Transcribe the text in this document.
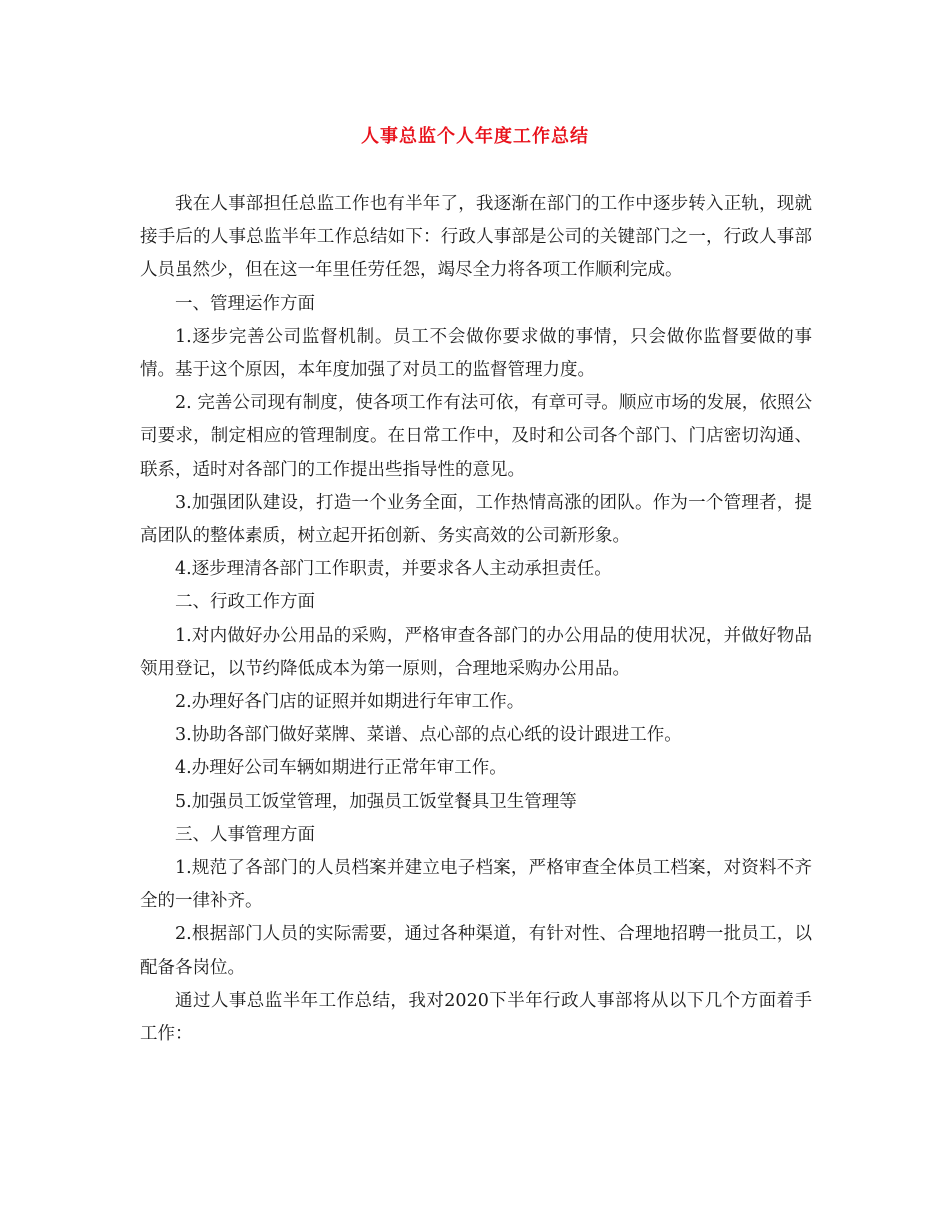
人事总监个人年度工作总结

我在人事部担任总监工作也有半年了，我逐渐在部门的工作中逐步转入正轨，现就接手后的人事总监半年工作总结如下：行政人事部是公司的关键部门之一，行政人事部人员虽然少，但在这一年里任劳任怨，竭尽全力将各项工作顺利完成。

一、管理运作方面

1.逐步完善公司监督机制。员工不会做你要求做的事情，只会做你监督要做的事情。基于这个原因，本年度加强了对员工的监督管理力度。

2. 完善公司现有制度，使各项工作有法可依，有章可寻。顺应市场的发展，依照公司要求，制定相应的管理制度。在日常工作中，及时和公司各个部门、门店密切沟通、联系，适时对各部门的工作提出些指导性的意见。

3.加强团队建设，打造一个业务全面，工作热情高涨的团队。作为一个管理者，提高团队的整体素质，树立起开拓创新、务实高效的公司新形象。

4.逐步理清各部门工作职责，并要求各人主动承担责任。

二、行政工作方面

1.对内做好办公用品的采购，严格审查各部门的办公用品的使用状况，并做好物品领用登记，以节约降低成本为第一原则，合理地采购办公用品。

2.办理好各门店的证照并如期进行年审工作。

3.协助各部门做好菜牌、菜谱、点心部的点心纸的设计跟进工作。

4.办理好公司车辆如期进行正常年审工作。

5.加强员工饭堂管理，加强员工饭堂餐具卫生管理等

三、人事管理方面

1.规范了各部门的人员档案并建立电子档案，严格审查全体员工档案，对资料不齐全的一律补齐。

2.根据部门人员的实际需要，通过各种渠道，有针对性、合理地招聘一批员工，以配备各岗位。

通过人事总监半年工作总结，我对2020下半年行政人事部将从以下几个方面着手工作：
